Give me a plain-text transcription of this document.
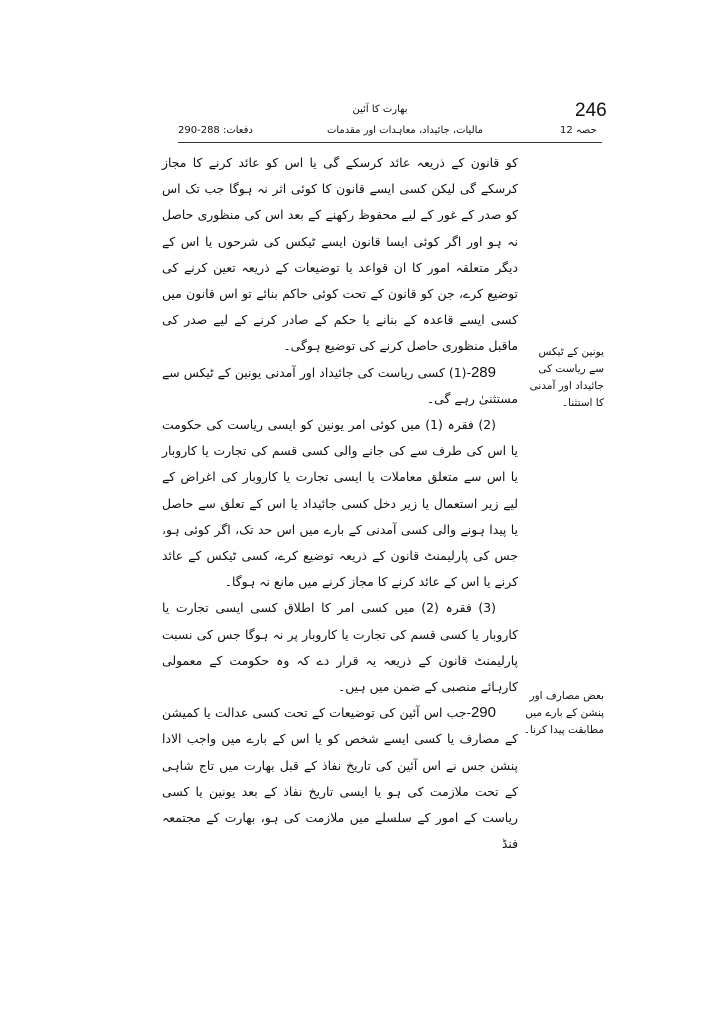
246
بھارت کا آئین
دفعات: 288-290	مالیات، جائیداد، معاہدات اور مقدمات	حصہ 12

کو قانون کے ذریعہ عائد کرسکے گی یا اس کو عائد کرنے کا مجاز کرسکے گی لیکن کسی ایسے قانون کا کوئی اثر نہ ہوگا جب تک اس کو صدر کے غور کے لیے محفوظ رکھنے کے بعد اس کی منظوری حاصل نہ ہو اور اگر کوئی ایسا قانون ایسے ٹیکس کی شرحوں یا اس کے دیگر متعلقہ امور کا ان قواعد یا توضیعات کے ذریعہ تعین کرنے کی توضیع کرے، جن کو قانون کے تحت کوئی حاکم بنائے تو اس قانون میں کسی ایسے قاعدہ کے بنانے یا حکم کے صادر کرنے کے لیے صدر کی ماقبل منظوری حاصل کرنے کی توضیع ہوگی۔

289-(1) کسی ریاست کی جائیداد اور آمدنی یونین کے ٹیکس سے مستثنیٰ رہے گی۔

(2) فقرہ (1) میں کوئی امر یونین کو ایسی ریاست کی حکومت یا اس کی طرف سے کی جانے والی کسی قسم کی تجارت یا کاروبار یا اس سے متعلق معاملات یا ایسی تجارت یا کاروبار کی اغراض کے لیے زیر استعمال یا زیر دخل کسی جائیداد یا اس کے تعلق سے حاصل یا پیدا ہونے والی کسی آمدنی کے بارے میں اس حد تک، اگر کوئی ہو، جس کی پارلیمنٹ قانون کے ذریعہ توضیع کرے، کسی ٹیکس کے عائد کرنے یا اس کے عائد کرنے کا مجاز کرنے میں مانع نہ ہوگا۔

(3) فقرہ (2) میں کسی امر کا اطلاق کسی ایسی تجارت یا کاروبار یا کسی قسم کی تجارت یا کاروبار پر نہ ہوگا جس کی نسبت پارلیمنٹ قانون کے ذریعہ یہ قرار دے کہ وہ حکومت کے معمولی کارہائے منصبی کے ضمن میں ہیں۔

290-جب اس آئین کی توضیعات کے تحت کسی عدالت یا کمیشن کے مصارف یا کسی ایسے شخص کو یا اس کے بارے میں واجب الادا پنشن جس نے اس آئین کی تاریخ نفاذ کے قبل بھارت میں تاج شاہی کے تحت ملازمت کی ہو یا ایسی تاریخ نفاذ کے بعد یونین یا کسی ریاست کے امور کے سلسلے میں ملازمت کی ہو، بھارت کے مجتمعہ فنڈ

یونین کے ٹیکس سے ریاست کی جائیداد اور آمدنی کا استثنا۔
بعض مصارف اور پنشن کے بارے میں مطابقت پیدا کرنا۔
